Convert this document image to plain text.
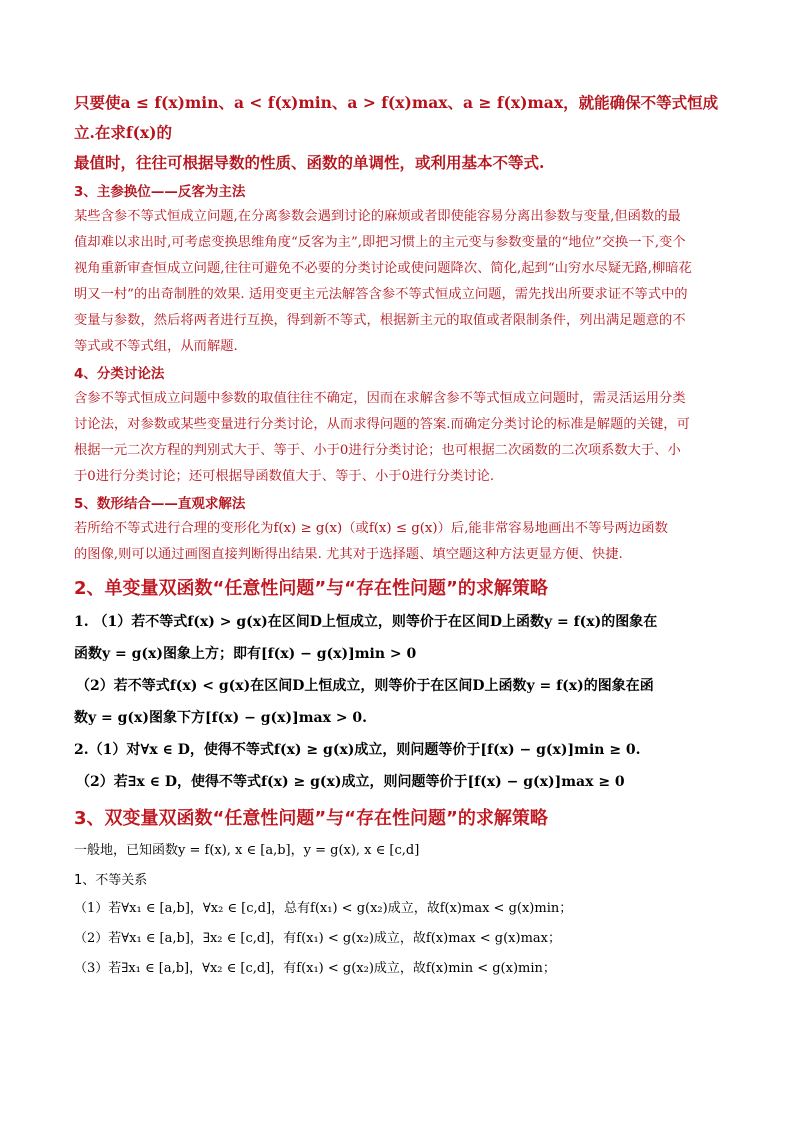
只要使a ≤ f(x)min、a < f(x)min、a > f(x)max、a ≥ f(x)max，就能确保不等式恒成立.在求f(x)的

最值时，往往可根据导数的性质、函数的单调性，或利用基本不等式.

3、主参换位——反客为主法

某些含参不等式恒成立问题,在分离参数会遇到讨论的麻烦或者即使能容易分离出参数与变量,但函数的最

值却难以求出时,可考虑变换思维角度“反客为主”,即把习惯上的主元变与参数变量的“地位”交换一下,变个

视角重新审查恒成立问题,往往可避免不必要的分类讨论或使问题降次、简化,起到“山穷水尽疑无路,柳暗花

明又一村”的出奇制胜的效果. 适用变更主元法解答含参不等式恒成立问题，需先找出所要求证不等式中的

变量与参数，然后将两者进行互换，得到新不等式，根据新主元的取值或者限制条件，列出满足题意的不

等式或不等式组，从而解题.

4、分类讨论法

含参不等式恒成立问题中参数的取值往往不确定，因而在求解含参不等式恒成立问题时，需灵活运用分类

讨论法，对参数或某些变量进行分类讨论，从而求得问题的答案.而确定分类讨论的标准是解题的关键，可

根据一元二次方程的判别式大于、等于、小于0进行分类讨论；也可根据二次函数的二次项系数大于、小

于0进行分类讨论；还可根据导函数值大于、等于、小于0进行分类讨论.

5、数形结合——直观求解法

若所给不等式进行合理的变形化为f(x) ≥ g(x)（或f(x) ≤ g(x)）后,能非常容易地画出不等号两边函数

的图像,则可以通过画图直接判断得出结果. 尤其对于选择题、填空题这种方法更显方便、快捷.

2、单变量双函数“任意性问题”与“存在性问题”的求解策略

1. （1）若不等式f(x) > g(x)在区间D上恒成立，则等价于在区间D上函数y = f(x)的图象在

函数y = g(x)图象上方；即有[f(x) − g(x)]min > 0

（2）若不等式f(x) < g(x)在区间D上恒成立，则等价于在区间D上函数y = f(x)的图象在函

数y = g(x)图象下方[f(x) − g(x)]max > 0.

2.（1）对∀x ∈ D，使得不等式f(x) ≥ g(x)成立，则问题等价于[f(x) − g(x)]min ≥ 0.

（2）若∃x ∈ D，使得不等式f(x) ≥ g(x)成立，则问题等价于[f(x) − g(x)]max ≥ 0

3、双变量双函数“任意性问题”与“存在性问题”的求解策略

一般地，已知函数y = f(x), x ∈ [a,b]，y = g(x), x ∈ [c,d]

1、不等关系

（1）若∀x₁ ∈ [a,b]，∀x₂ ∈ [c,d]，总有f(x₁) < g(x₂)成立，故f(x)max < g(x)min；

（2）若∀x₁ ∈ [a,b]，∃x₂ ∈ [c,d]，有f(x₁) < g(x₂)成立，故f(x)max < g(x)max；

（3）若∃x₁ ∈ [a,b]，∀x₂ ∈ [c,d]，有f(x₁) < g(x₂)成立，故f(x)min < g(x)min；
